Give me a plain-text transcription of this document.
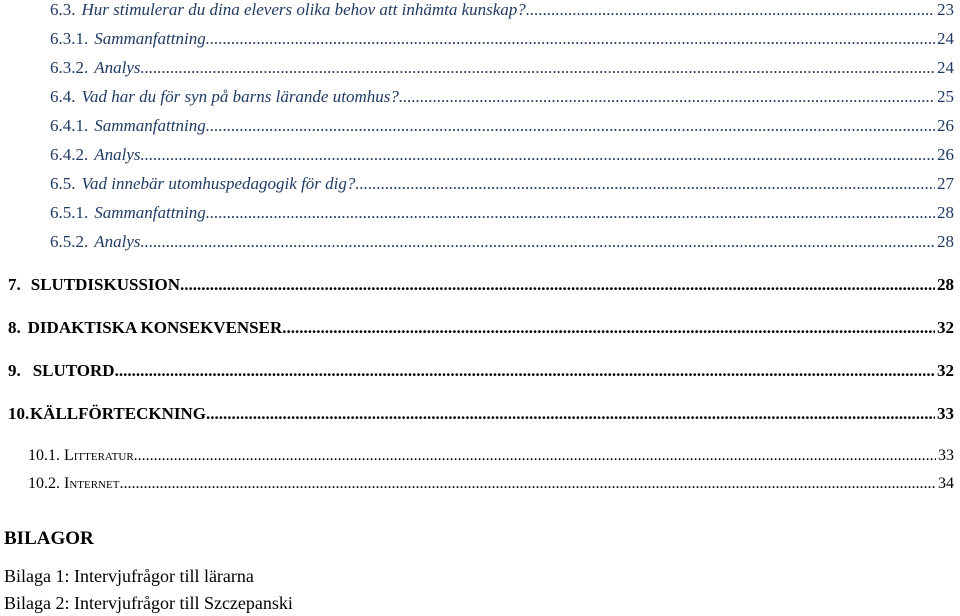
6.3. Hur stimulerar du dina elevers olika behov att inhämta kunskap? .....	23
6.3.1. Sammanfattning .....	24
6.3.2. Analys .....	24
6.4. Vad har du för syn på barns lärande utomhus? .....	25
6.4.1. Sammanfattning .....	26
6.4.2. Analys .....	26
6.5. Vad innebär utomhuspedagogik för dig? .....	27
6.5.1. Sammanfattning .....	28
6.5.2. Analys .....	28
7. SLUTDISKUSSION .....	28
8. DIDAKTISKA KONSEKVENSER .....	32
9. SLUTORD .....	32
10. KÄLLFÖRTECKNING .....	33
10.1. Litteratur .....	33
10.2. Internet .....	34
BILAGOR
Bilaga 1: Intervjufrågor till lärarna
Bilaga 2: Intervjufrågor till Szczepanski
